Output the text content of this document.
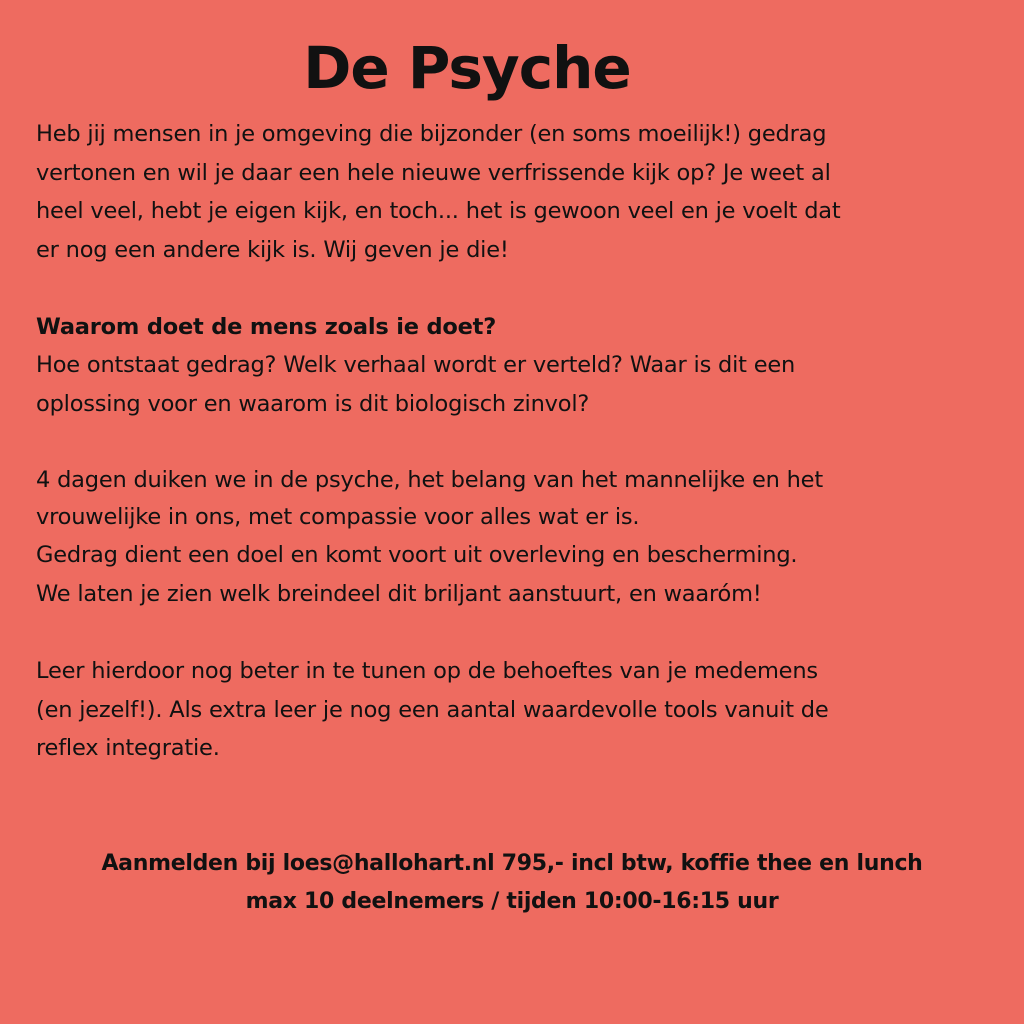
De Psyche

Heb jij mensen in je omgeving die bijzonder (en soms moeilijk!) gedrag
vertonen en wil je daar een hele nieuwe verfrissende kijk op? Je weet al
heel veel, hebt je eigen kijk, en toch... het is gewoon veel en je voelt dat
er nog een andere kijk is. Wij geven je die!

Waarom doet de mens zoals ie doet?

Hoe ontstaat gedrag? Welk verhaal wordt er verteld? Waar is dit een
oplossing voor en waarom is dit biologisch zinvol?

4 dagen duiken we in de psyche, het belang van het mannelijke en het
vrouwelijke in ons, met compassie voor alles wat er is.

Gedrag dient een doel en komt voort uit overleving en bescherming.
We laten je zien welk breindeel dit briljant aanstuurt, en waaróm!

Leer hierdoor nog beter in te tunen op de behoeftes van je medemens
(en jezelf!). Als extra leer je nog een aantal waardevolle tools vanuit de
reflex integratie.

Aanmelden bij loes@hallohart.nl 795,- incl btw, koffie thee en lunch
max 10 deelnemers / tijden 10:00-16:15 uur
